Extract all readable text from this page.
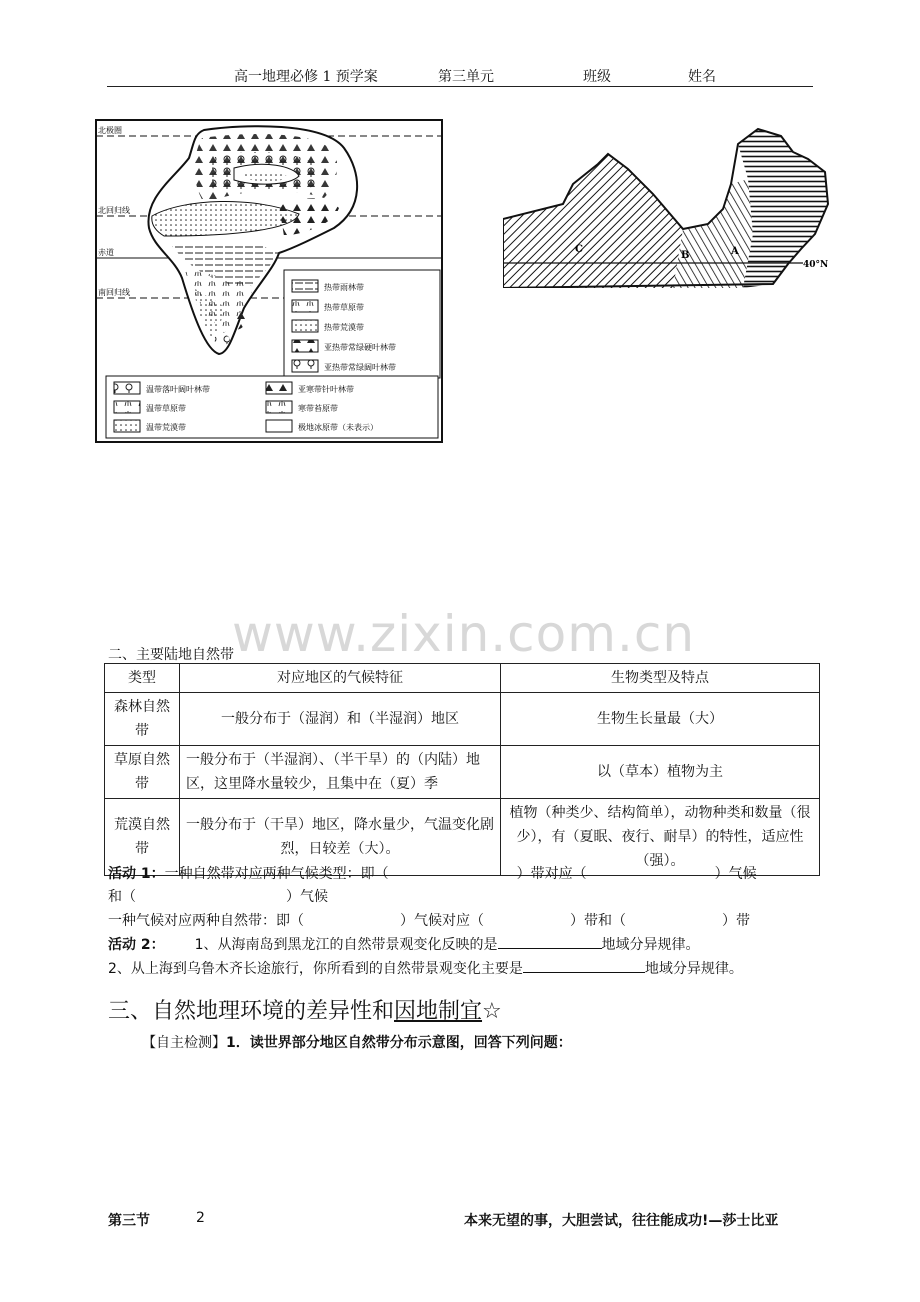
高一地理必修 1 预学案	第三单元	班级	姓名
北极圈
北回归线
赤道
南回归线
热带雨林带
热带草原带
热带荒漠带
亚热带常绿硬叶林带
亚热带常绿阔叶林带
温带落叶阔叶林带	亚寒带针叶林带
温带草原带	寒带苔原带
温带荒漠带	极地冰原带（未表示）
C
B	A
40°N
www.zixin.com.cn
二、主要陆地自然带
类型	对应地区的气候特征	生物类型及特点
森林自然带	一般分布于（湿润）和（半湿润）地区	生物生长量最（大）
草原自然带	一般分布于（半湿润）、（半干旱）的（内陆）地区，这里降水量较少，且集中在（夏）季	以（草本）植物为主
荒漠自然带	一般分布于（干旱）地区，降水量少，气温变化剧烈，日较差（大）。	植物（种类少、结构简单），动物种类和数量（很少），有（夏眠、夜行、耐旱）的特性，适应性（强）。
活动 1：一种自然带对应两种气候类型：即（	）带对应（	）气候
和（	）气候
一种气候对应两种自然带：即（	）气候对应（	）带和（	）带
活动 2： 1、从海南岛到黑龙江的自然带景观变化反映的是	地域分异规律。
2、从上海到乌鲁木齐长途旅行，你所看到的自然带景观变化主要是	地域分异规律。
三、自然地理环境的差异性和因地制宜☆
【自主检测】1．读世界部分地区自然带分布示意图，回答下列问题：
第三节	2	本来无望的事，大胆尝试，往往能成功!—莎士比亚
